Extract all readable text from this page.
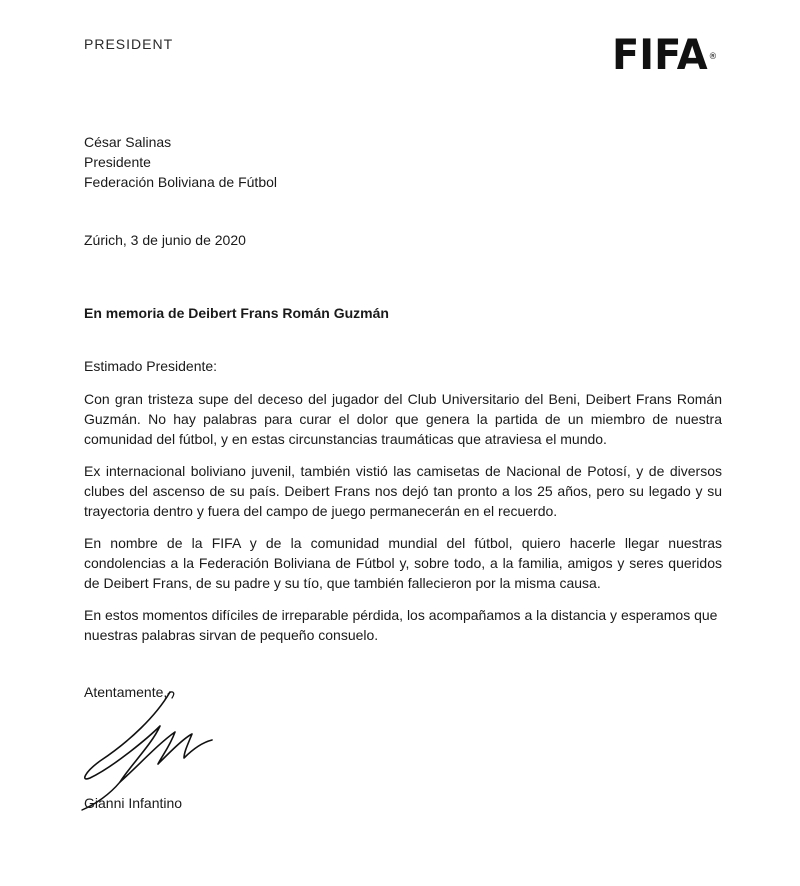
PRESIDENT	FIFA®
César Salinas
Presidente
Federación Boliviana de Fútbol
Zúrich, 3 de junio de 2020
En memoria de Deibert Frans Román Guzmán
Estimado Presidente:

Con gran tristeza supe del deceso del jugador del Club Universitario del Beni, Deibert Frans Román Guzmán. No hay palabras para curar el dolor que genera la partida de un miembro de nuestra comunidad del fútbol, y en estas circunstancias traumáticas que atraviesa el mundo.

Ex internacional boliviano juvenil, también vistió las camisetas de Nacional de Potosí, y de diversos clubes del ascenso de su país. Deibert Frans nos dejó tan pronto a los 25 años, pero su legado y su trayectoria dentro y fuera del campo de juego permanecerán en el recuerdo.

En nombre de la FIFA y de la comunidad mundial del fútbol, quiero hacerle llegar nuestras condolencias a la Federación Boliviana de Fútbol y, sobre todo, a la familia, amigos y seres queridos de Deibert Frans, de su padre y su tío, que también fallecieron por la misma causa.

En estos momentos difíciles de irreparable pérdida, los acompañamos a la distancia y esperamos que nuestras palabras sirvan de pequeño consuelo.

Atentamente,
Gianni Infantino
